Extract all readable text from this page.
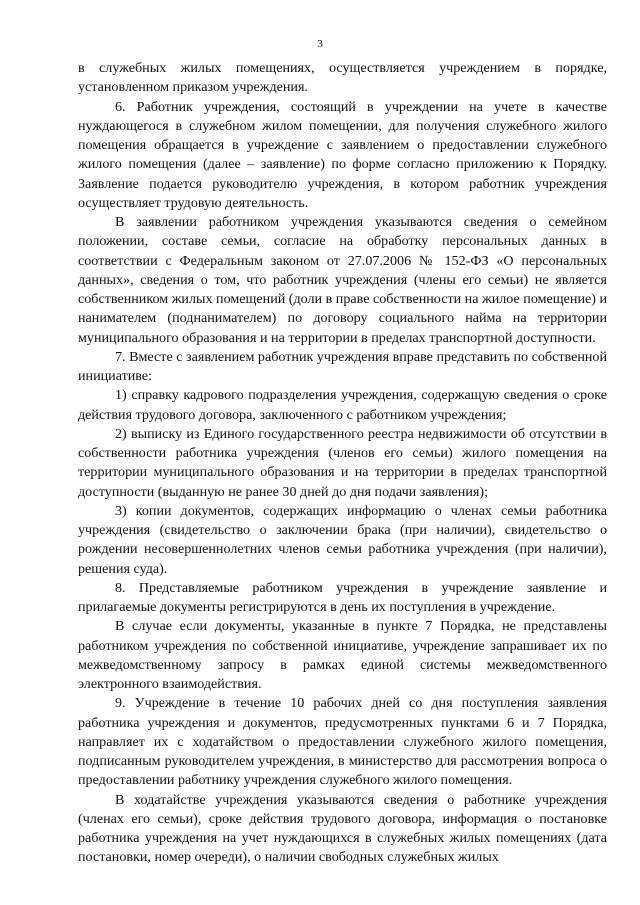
3

в служебных жилых помещениях, осуществляется учреждением в порядке, установленном приказом учреждения.

6. Работник учреждения, состоящий в учреждении на учете в качестве нуждающегося в служебном жилом помещении, для получения служебного жилого помещения обращается в учреждение с заявлением о предоставлении служебного жилого помещения (далее – заявление) по форме согласно приложению к Порядку. Заявление подается руководителю учреждения, в котором работник учреждения осуществляет трудовую деятельность.

В заявлении работником учреждения указываются сведения о семейном положении, составе семьи, согласие на обработку персональных данных в соответствии с Федеральным законом от 27.07.2006 № 152-ФЗ «О персональных данных», сведения о том, что работник учреждения (члены его семьи) не является собственником жилых помещений (доли в праве собственности на жилое помещение) и нанимателем (поднанимателем) по договору социального найма на территории муниципального образования и на территории в пределах транспортной доступности.

7. Вместе с заявлением работник учреждения вправе представить по собственной инициативе:

1) справку кадрового подразделения учреждения, содержащую сведения о сроке действия трудового договора, заключенного с работником учреждения;

2) выписку из Единого государственного реестра недвижимости об отсутствии в собственности работника учреждения (членов его семьи) жилого помещения на территории муниципального образования и на территории в пределах транспортной доступности (выданную не ранее 30 дней до дня подачи заявления);

3) копии документов, содержащих информацию о членах семьи работника учреждения (свидетельство о заключении брака (при наличии), свидетельство о рождении несовершеннолетних членов семьи работника учреждения (при наличии), решения суда).

8. Представляемые работником учреждения в учреждение заявление и прилагаемые документы регистрируются в день их поступления в учреждение.

В случае если документы, указанные в пункте 7 Порядка, не представлены работником учреждения по собственной инициативе, учреждение запрашивает их по межведомственному запросу в рамках единой системы межведомственного электронного взаимодействия.

9. Учреждение в течение 10 рабочих дней со дня поступления заявления работника учреждения и документов, предусмотренных пунктами 6 и 7 Порядка, направляет их с ходатайством о предоставлении служебного жилого помещения, подписанным руководителем учреждения, в министерство для рассмотрения вопроса о предоставлении работнику учреждения служебного жилого помещения.

В ходатайстве учреждения указываются сведения о работнике учреждения (членах его семьи), сроке действия трудового договора, информация о постановке работника учреждения на учет нуждающихся в служебных жилых помещениях (дата постановки, номер очереди), о наличии свободных служебных жилых
